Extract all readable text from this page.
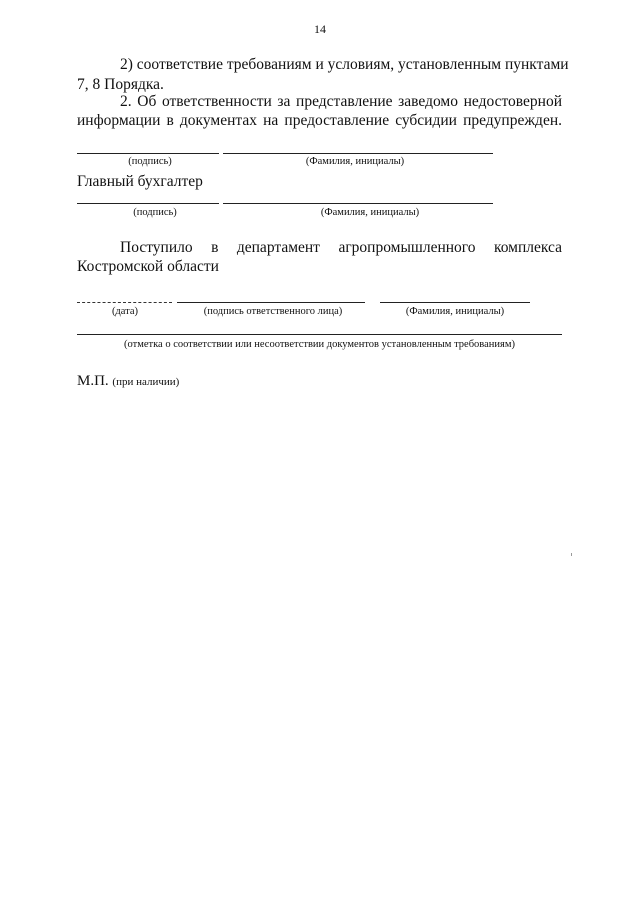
14
2) соответствие требованиям и условиям, установленным пунктами
7, 8 Порядка.
2. Об ответственности за представление заведомо недостоверной
информации в документах на предоставление субсидии предупрежден.
(подпись)	(Фамилия, инициалы)
Главный бухгалтер
(подпись)	(Фамилия, инициалы)
Поступило в департамент агропромышленного комплекса
Костромской области
(дата)	(подпись ответственного лица)	(Фамилия, инициалы)
(отметка о соответствии или несоответствии документов установленным требованиям)
М.П. (при наличии)
